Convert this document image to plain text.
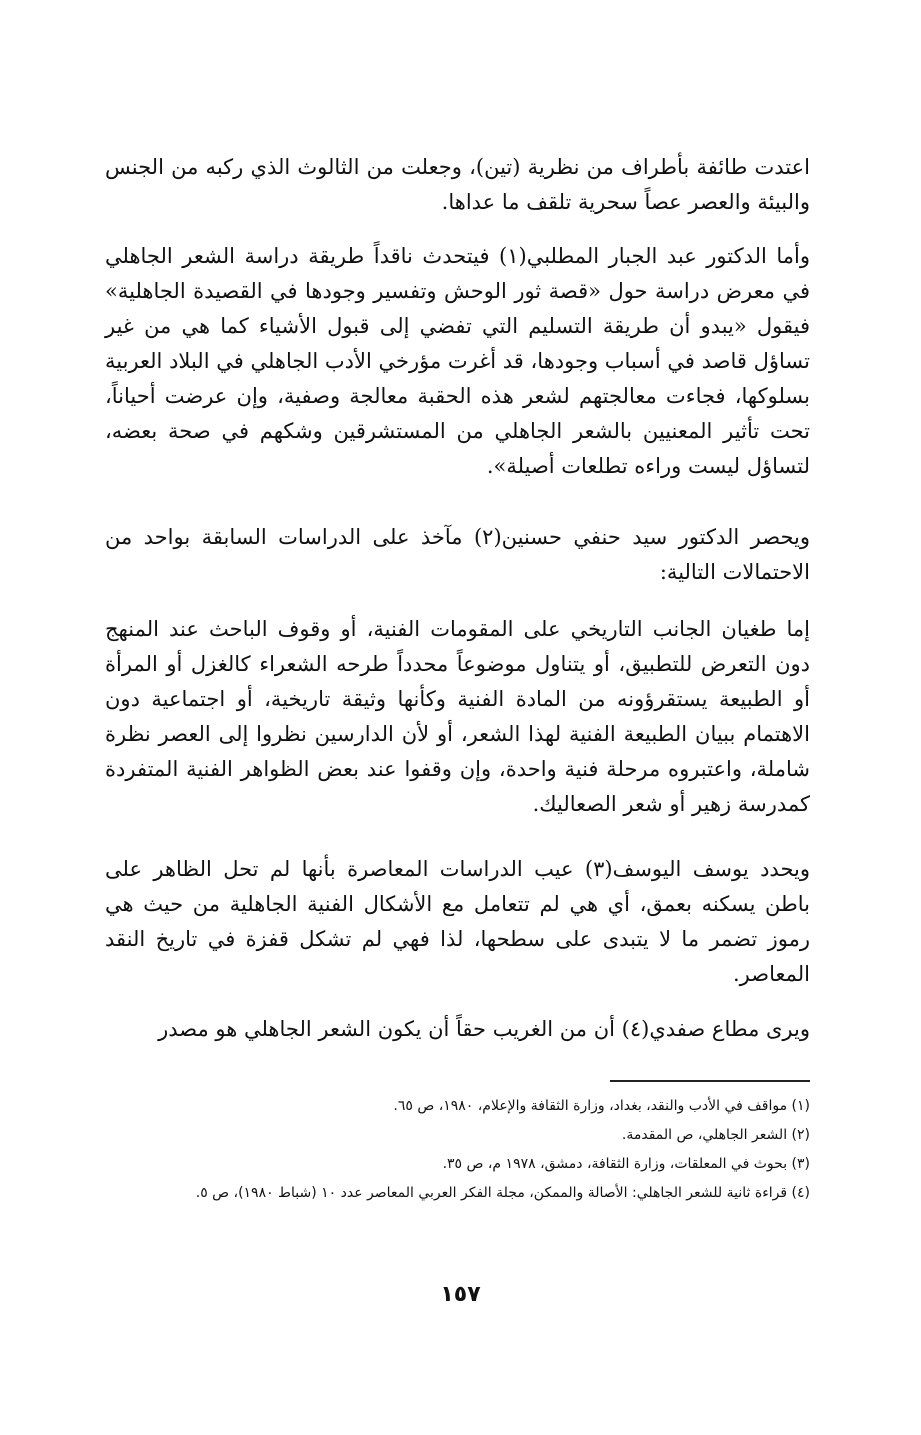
اعتدت طائفة بأطراف من نظرية (تين)، وجعلت من الثالوث الذي ركبه من الجنس والبيئة والعصر عصاً سحرية تلقف ما عداها.

وأما الدكتور عبد الجبار المطلبي(١) فيتحدث ناقداً طريقة دراسة الشعر الجاهلي في معرض دراسة حول «قصة ثور الوحش وتفسير وجودها في القصيدة الجاهلية» فيقول «يبدو أن طريقة التسليم التي تفضي إلى قبول الأشياء كما هي من غير تساؤل قاصد في أسباب وجودها، قد أغرت مؤرخي الأدب الجاهلي في البلاد العربية بسلوكها، فجاءت معالجتهم لشعر هذه الحقبة معالجة وصفية، وإن عرضت أحياناً، تحت تأثير المعنيين بالشعر الجاهلي من المستشرقين وشكهم في صحة بعضه، لتساؤل ليست وراءه تطلعات أصيلة».

ويحصر الدكتور سيد حنفي حسنين(٢) مآخذ على الدراسات السابقة بواحد من الاحتمالات التالية:

إما طغيان الجانب التاريخي على المقومات الفنية، أو وقوف الباحث عند المنهج دون التعرض للتطبيق، أو يتناول موضوعاً محدداً طرحه الشعراء كالغزل أو المرأة أو الطبيعة يستقرؤونه من المادة الفنية وكأنها وثيقة تاريخية، أو اجتماعية دون الاهتمام ببيان الطبيعة الفنية لهذا الشعر، أو لأن الدارسين نظروا إلى العصر نظرة شاملة، واعتبروه مرحلة فنية واحدة، وإن وقفوا عند بعض الظواهر الفنية المتفردة كمدرسة زهير أو شعر الصعاليك.

ويحدد يوسف اليوسف(٣) عيب الدراسات المعاصرة بأنها لم تحل الظاهر على باطن يسكنه بعمق، أي هي لم تتعامل مع الأشكال الفنية الجاهلية من حيث هي رموز تضمر ما لا يتبدى على سطحها، لذا فهي لم تشكل قفزة في تاريخ النقد المعاصر.

ويرى مطاع صفدي(٤) أن من الغريب حقاً أن يكون الشعر الجاهلي هو مصدر

(١) مواقف في الأدب والنقد، بغداد، وزارة الثقافة والإعلام، ١٩٨٠، ص ٦٥.

(٢) الشعر الجاهلي، ص المقدمة.

(٣) بحوث في المعلقات، وزارة الثقافة، دمشق، ١٩٧٨ م، ص ٣٥.

(٤) قراءة ثانية للشعر الجاهلي: الأصالة والممكن، مجلة الفكر العربي المعاصر عدد ١٠ (شباط ١٩٨٠)، ص ٥.

١٥٧
